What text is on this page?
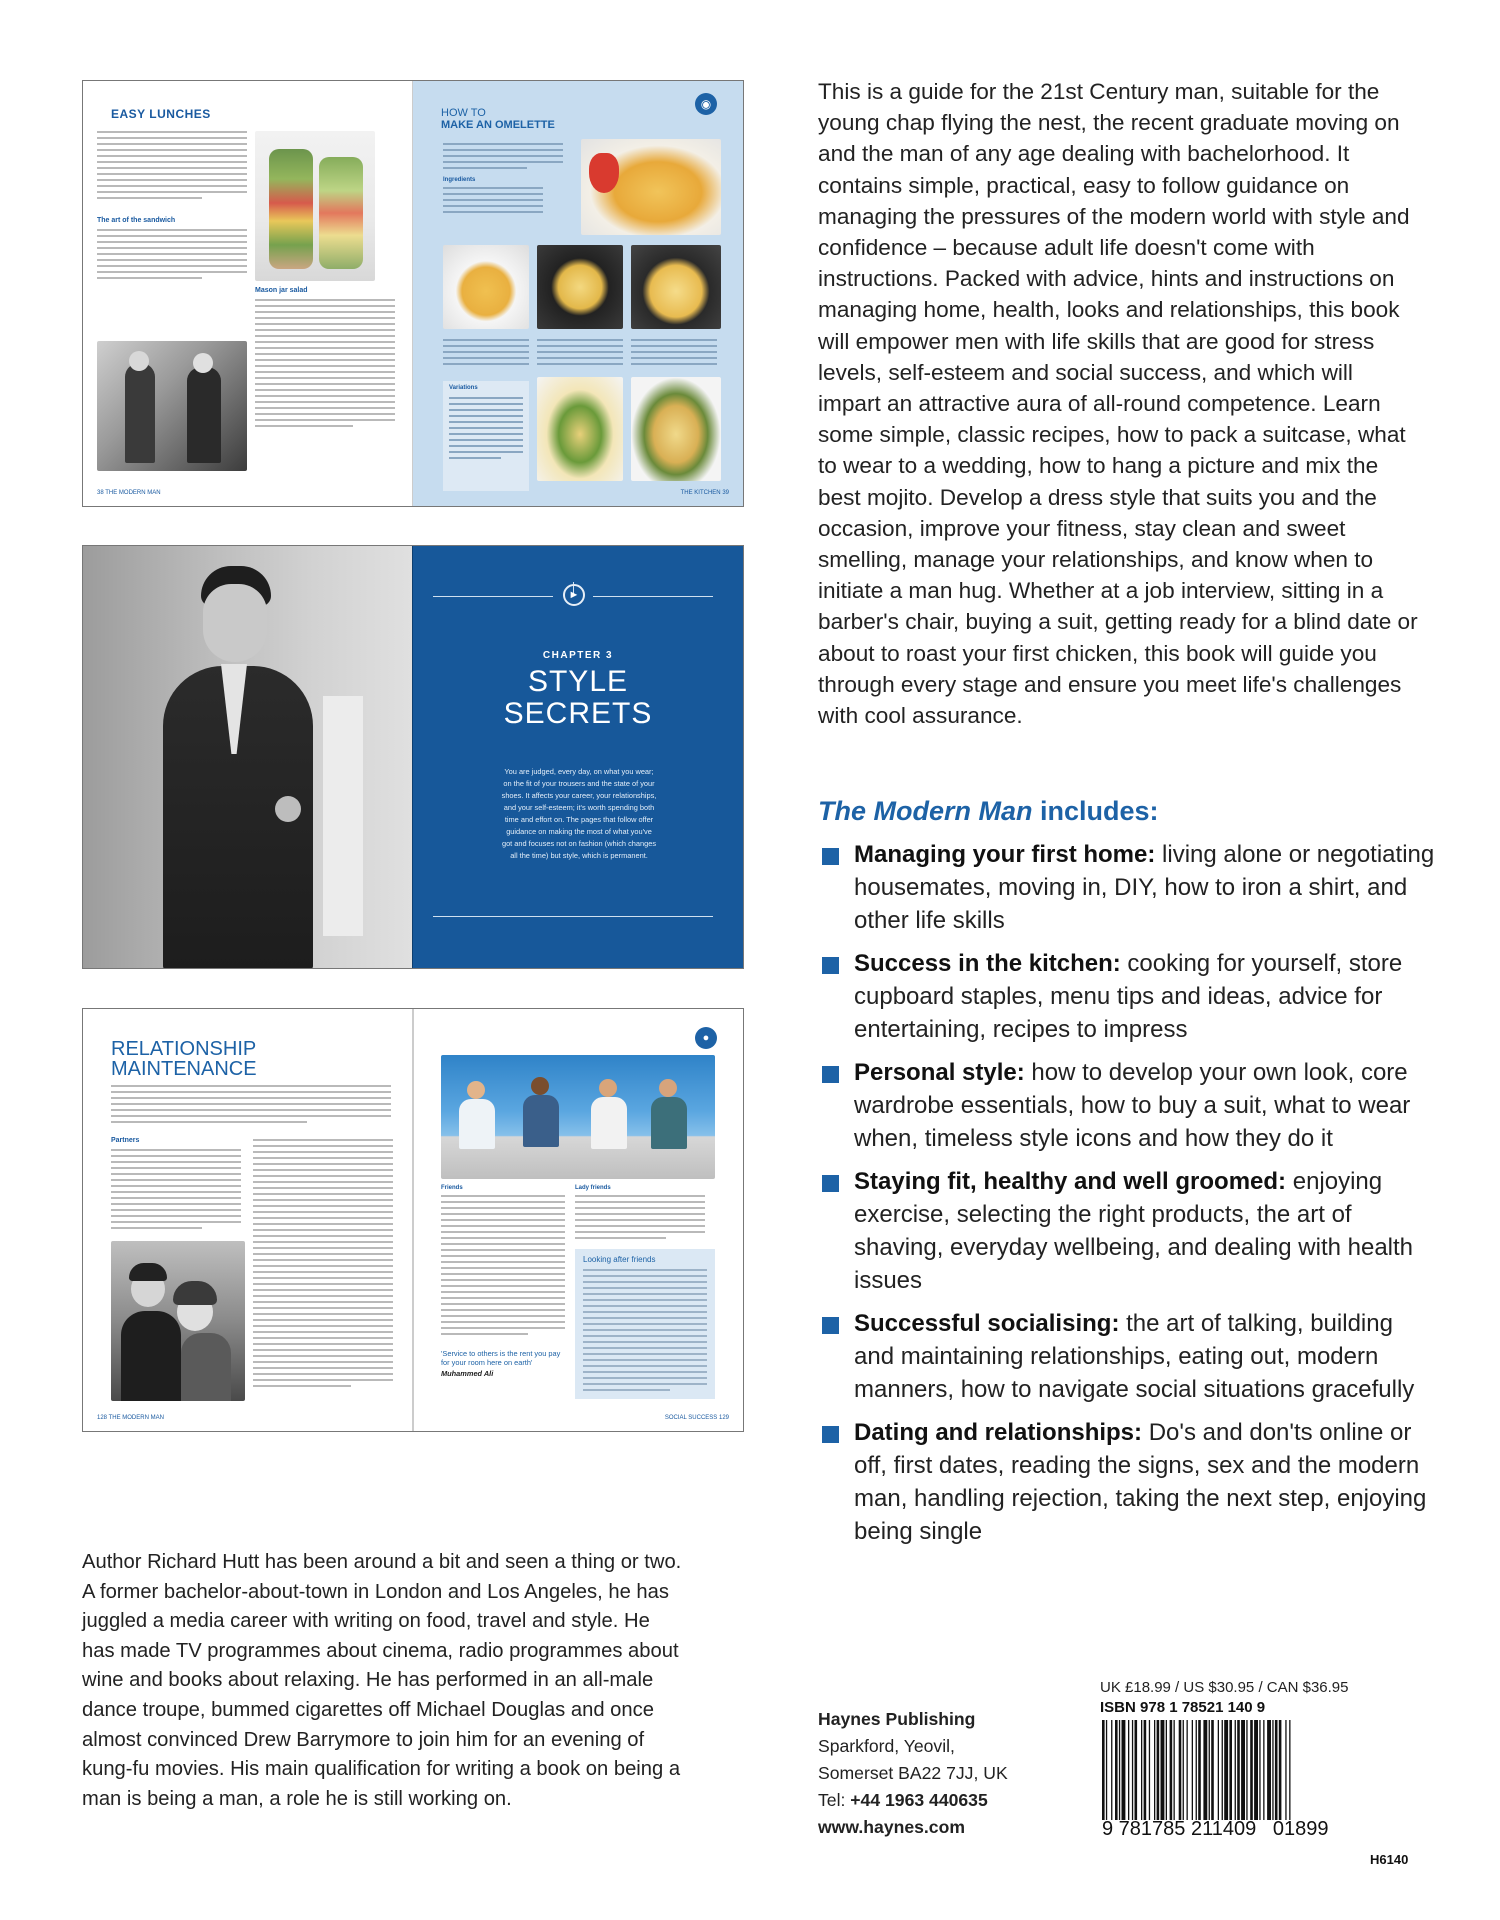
EASY LUNCHES
The art of the sandwich
Mason jar salad
38 THE MODERN MAN
◉
HOW TO
MAKE AN OMELETTE
Ingredients
Variations
THE KITCHEN 39
►
CHAPTER 3
STYLE
SECRETS
You are judged, every day, on what you wear; on the fit of your trousers and the state of your shoes. It affects your career, your relationships, and your self-esteem; it's worth spending both time and effort on. The pages that follow offer guidance on making the most of what you've got and focuses not on fashion (which changes all the time) but style, which is permanent.
RELATIONSHIP
MAINTENANCE
Partners
128 THE MODERN MAN
●
Friends
'Service to others is the rent you pay for your room here on earth'
Muhammed Ali
Lady friends
Looking after friends
SOCIAL SUCCESS 129
This is a guide for the 21st Century man, suitable for the young chap flying the nest, the recent graduate moving on and the man of any age dealing with bachelorhood. It contains simple, practical, easy to follow guidance on managing the pressures of the modern world with style and confidence – because adult life doesn't come with instructions. Packed with advice, hints and instructions on managing home, health, looks and relationships, this book will empower men with life skills that are good for stress levels, self-esteem and social success, and which will impart an attractive aura of all-round competence. Learn some simple, classic recipes, how to pack a suitcase, what to wear to a wedding, how to hang a picture and mix the best mojito. Develop a dress style that suits you and the occasion, improve your fitness, stay clean and sweet smelling, manage your relationships, and know when to initiate a man hug. Whether at a job interview, sitting in a barber's chair, buying a suit, getting ready for a blind date or about to roast your first chicken, this book will guide you through every stage and ensure you meet life's challenges with cool assurance.
The Modern Man includes:
Managing your first home: living alone or negotiating housemates, moving in, DIY, how to iron a shirt, and other life skills
Success in the kitchen: cooking for yourself, store cupboard staples, menu tips and ideas, advice for entertaining, recipes to impress
Personal style: how to develop your own look, core wardrobe essentials, how to buy a suit, what to wear when, timeless style icons and how they do it
Staying fit, healthy and well groomed: enjoying exercise, selecting the right products, the art of shaving, everyday wellbeing, and dealing with health issues
Successful socialising: the art of talking, building and maintaining relationships, eating out, modern manners, how to navigate social situations gracefully
Dating and relationships: Do's and don'ts online or off, first dates, reading the signs, sex and the modern man, handling rejection, taking the next step, enjoying being single
Author Richard Hutt has been around a bit and seen a thing or two. A former bachelor-about-town in London and Los Angeles, he has juggled a media career with writing on food, travel and style. He has made TV programmes about cinema, radio programmes about wine and books about relaxing. He has performed in an all-male dance troupe, bummed cigarettes off Michael Douglas and once almost convinced Drew Barrymore to join him for an evening of kung-fu movies. His main qualification for writing a book on being a man is being a man, a role he is still working on.
Haynes Publishing
Sparkford, Yeovil,
Somerset BA22 7JJ, UK
Tel: +44 1963 440635
www.haynes.com
UK £18.99 / US $30.95 / CAN $36.95
ISBN 978 1 78521 140 9
9 781785 211409   01899
H6140
